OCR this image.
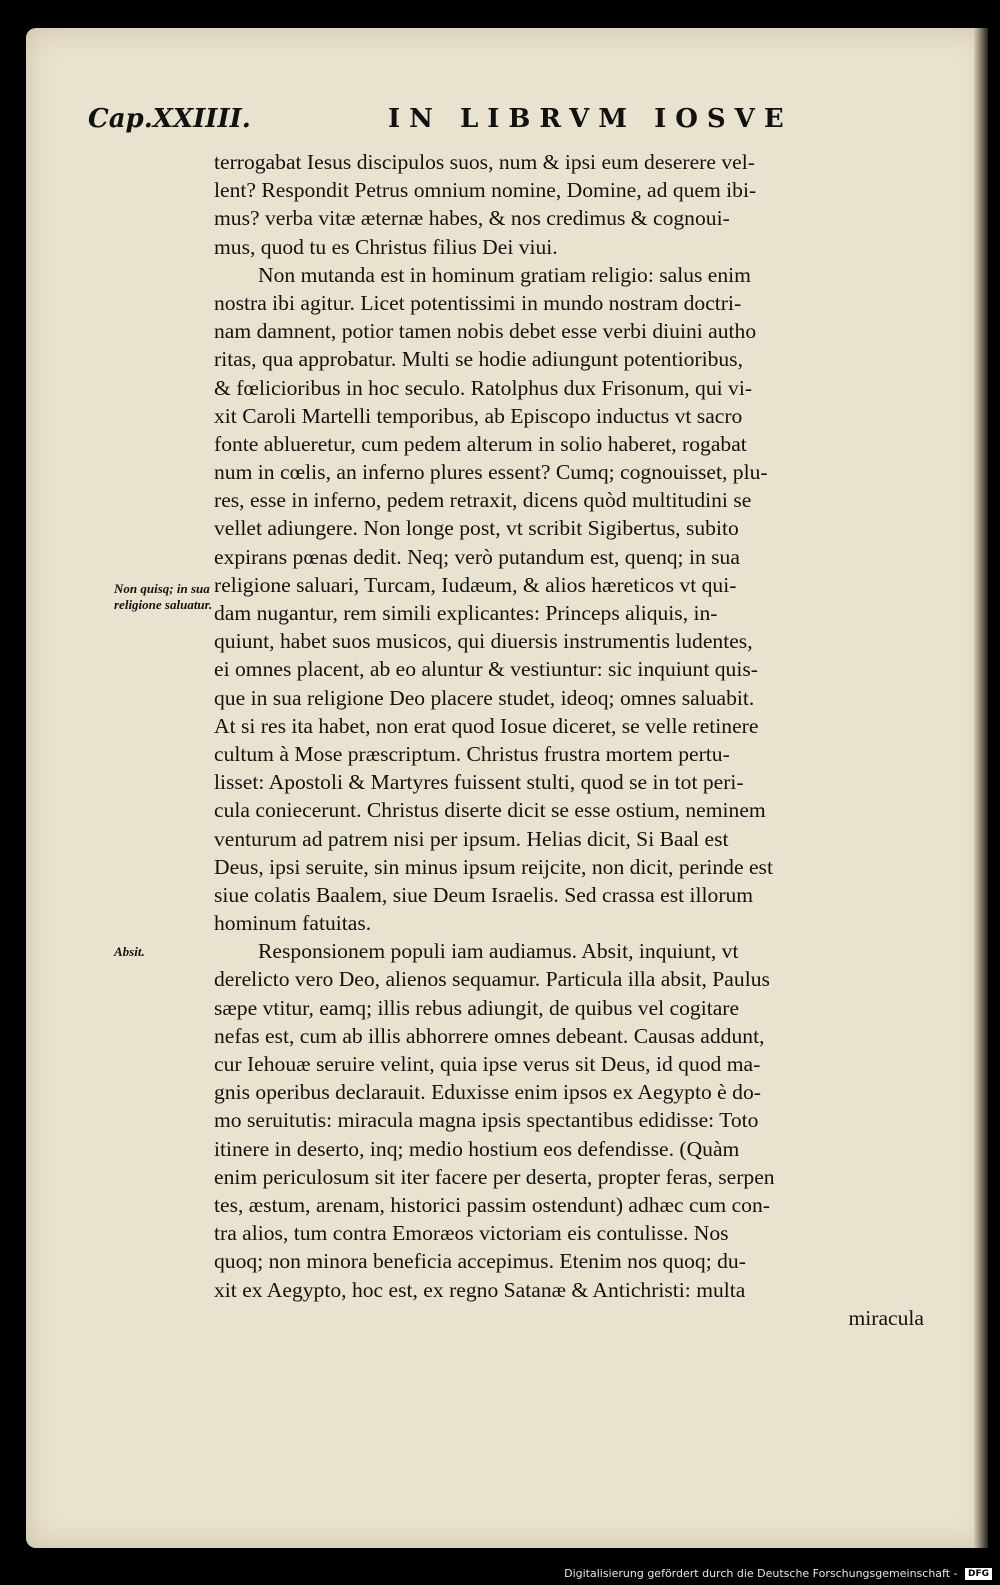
Cap.XXIIII.	IN LIBRVM IOSVE
Non quisq; in sua religione saluatur.
Absit.
terrogabat Iesus discipulos suos, num & ipsi eum deserere vel-
lent? Respondit Petrus omnium nomine, Domine, ad quem ibi-
mus? verba vitæ æternæ habes, & nos credimus & cognoui-
mus, quod tu es Christus filius Dei viui.
Non mutanda est in hominum gratiam religio: salus enim
nostra ibi agitur. Licet potentissimi in mundo nostram doctri-
nam damnent, potior tamen nobis debet esse verbi diuini autho
ritas, qua approbatur. Multi se hodie adiungunt potentioribus,
& fœlicioribus in hoc seculo. Ratolphus dux Frisonum, qui vi-
xit Caroli Martelli temporibus, ab Episcopo inductus vt sacro
fonte ablueretur, cum pedem alterum in solio haberet, rogabat
num in cœlis, an inferno plures essent? Cumq; cognouisset, plu-
res, esse in inferno, pedem retraxit, dicens quòd multitudini se
vellet adiungere. Non longe post, vt scribit Sigibertus, subito
expirans pœnas dedit. Neq; verò putandum est, quenq; in sua
religione saluari, Turcam, Iudæum, & alios hæreticos vt qui-
dam nugantur, rem simili explicantes: Princeps aliquis, in-
quiunt, habet suos musicos, qui diuersis instrumentis ludentes,
ei omnes placent, ab eo aluntur & vestiuntur: sic inquiunt quis-
que in sua religione Deo placere studet, ideoq; omnes saluabit.
At si res ita habet, non erat quod Iosue diceret, se velle retinere
cultum à Mose præscriptum. Christus frustra mortem pertu-
lisset: Apostoli & Martyres fuissent stulti, quod se in tot peri-
cula coniecerunt. Christus diserte dicit se esse ostium, neminem
venturum ad patrem nisi per ipsum. Helias dicit, Si Baal est
Deus, ipsi seruite, sin minus ipsum reijcite, non dicit, perinde est
siue colatis Baalem, siue Deum Israelis. Sed crassa est illorum
hominum fatuitas.
Responsionem populi iam audiamus. Absit, inquiunt, vt
derelicto vero Deo, alienos sequamur. Particula illa absit, Paulus
sæpe vtitur, eamq; illis rebus adiungit, de quibus vel cogitare
nefas est, cum ab illis abhorrere omnes debeant. Causas addunt,
cur Iehouæ seruire velint, quia ipse verus sit Deus, id quod ma-
gnis operibus declarauit. Eduxisse enim ipsos ex Aegypto è do-
mo seruitutis: miracula magna ipsis spectantibus edidisse: Toto
itinere in deserto, inq; medio hostium eos defendisse. (Quàm
enim periculosum sit iter facere per deserta, propter feras, serpen
tes, æstum, arenam, historici passim ostendunt) adhæc cum con-
tra alios, tum contra Emoræos victoriam eis contulisse. Nos
quoq; non minora beneficia accepimus. Etenim nos quoq; du-
xit ex Aegypto, hoc est, ex regno Satanæ & Antichristi: multa
miracula
Digitalisierung gefördert durch die Deutsche Forschungsgemeinschaft - DFG
